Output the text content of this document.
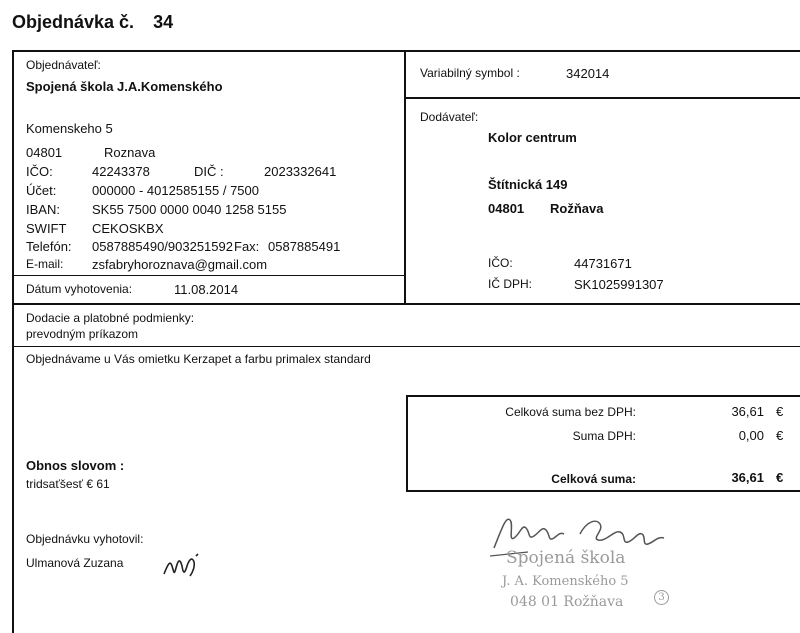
Objednávka č. 34
Objednávateľ:
Spojená škola J.A.Komenského
Komenskeho 5
04801	Roznava
IČO:	42243378	DIČ :	2023332641
Účet:	000000 - 4012585155 / 7500
IBAN: SK55 7500 0000 0040 1258 5155
SWIFT CEKOSKBX
Telefón: 0587885490/903251592 Fax: 0587885491
E-mail: zsfabryhoroznava@gmail.com
Dátum vyhotovenia:	11.08.2014
Variabilný symbol :	342014
Dodávateľ:
Kolor centrum
Štítnická 149
04801 Rožňava
IČO:	44731671
IČ DPH:	SK1025991307
Dodacie a platobné podmienky:
prevodným príkazom
Objednávame u Vás omietku Kerzapet a farbu primalex standard
Celková suma bez DPH:	36,61 €
Suma DPH:	0,00 €
Celková suma:	36,61 €
Obnos slovom :
tridsaťšesť € 61
Objednávku vyhotovil:
Ulmanová Zuzana	Spojená škola
J. A. Komenského 5
048 01 Rožňava	3
